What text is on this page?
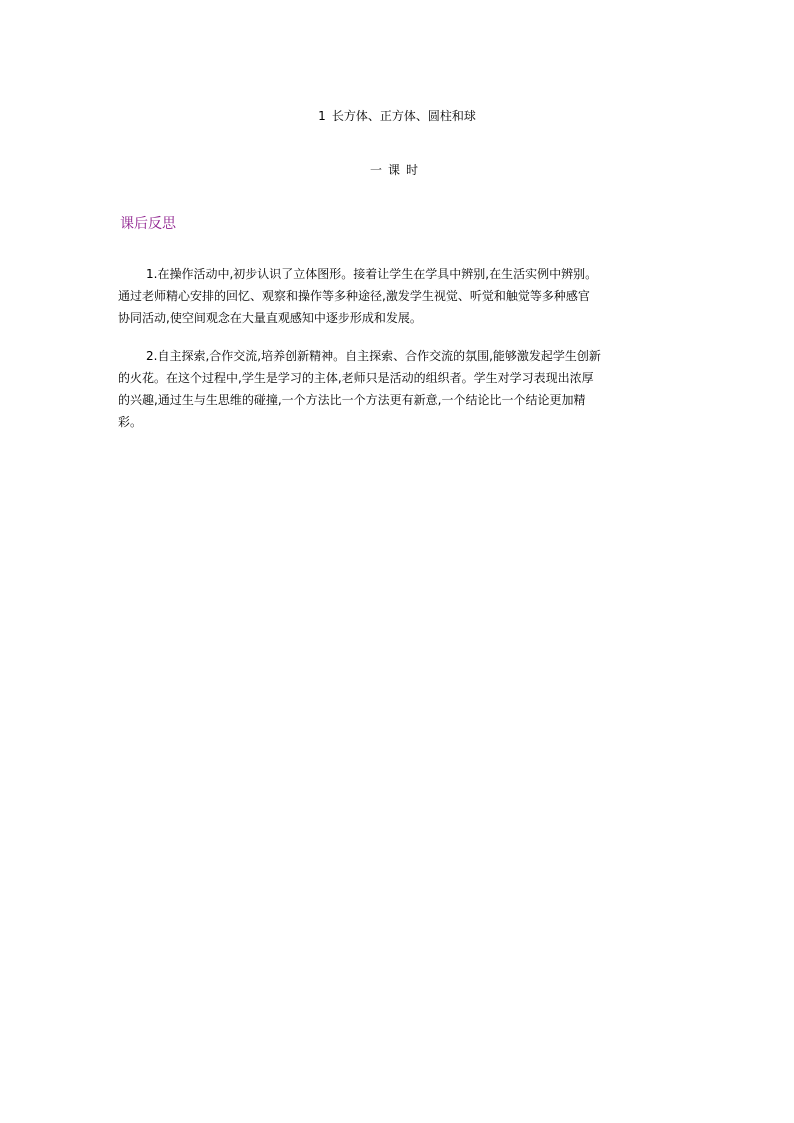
1 长方体、正方体、圆柱和球
一课时
课后反思
1.在操作活动中,初步认识了立体图形。接着让学生在学具中辨别,在生活实例中辨别。
通过老师精心安排的回忆、观察和操作等多种途径,激发学生视觉、听觉和触觉等多种感官
协同活动,使空间观念在大量直观感知中逐步形成和发展。
2.自主探索,合作交流,培养创新精神。自主探索、合作交流的氛围,能够激发起学生创新
的火花。在这个过程中,学生是学习的主体,老师只是活动的组织者。学生对学习表现出浓厚
的兴趣,通过生与生思维的碰撞,一个方法比一个方法更有新意,一个结论比一个结论更加精
彩。
